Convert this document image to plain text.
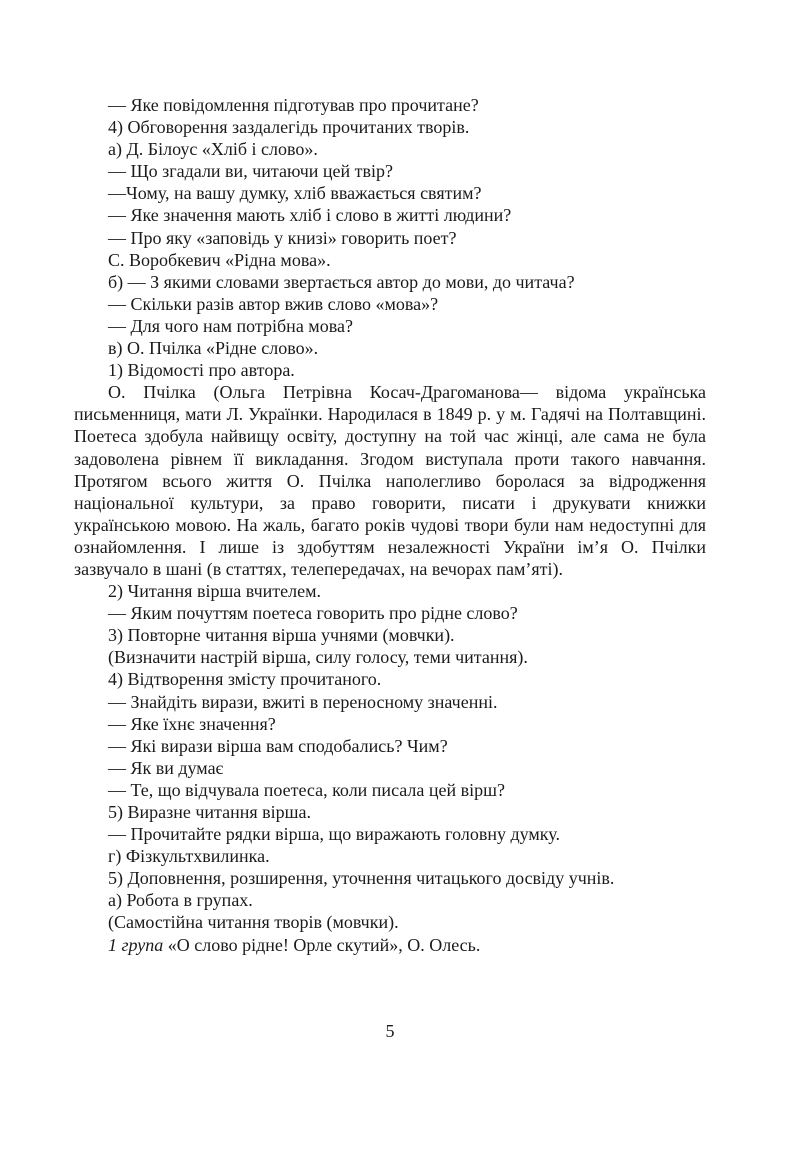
— Яке повідомлення підготував про прочитане?
4) Обговорення заздалегідь прочитаних творів.
а) Д. Білоус «Хліб і слово».
— Що згадали ви, читаючи цей твір?
—Чому, на вашу думку, хліб вважається святим?
— Яке значення мають хліб і слово в житті людини?
— Про яку «заповідь у книзі» говорить поет?
С. Воробкевич «Рідна мова».
б) — З якими словами звертається автор до мови, до читача?
— Скільки разів автор вжив слово «мова»?
— Для чого нам потрібна мова?
в) О. Пчілка «Рідне слово».
1) Відомості про автора.
О. Пчілка (Ольга Петрівна Косач-Драгоманова— відома українська письменниця, мати Л. Українки. Народилася в 1849 р. у м. Гадячі на Полтавщині. Поетеса здобула найвищу освіту, доступну на той час жінці, але сама не була задоволена рівнем її викладання. Згодом виступала проти такого навчання. Протягом всього життя О. Пчілка наполегливо боролася за відродження національної культури, за право говорити, писати і друкувати книжки українською мовою. На жаль, багато років чудові твори були нам недоступні для ознайомлення. І лише із здобуттям незалежності України ім’я О. Пчілки зазвучало в шані (в статтях, телепередачах, на вечорах пам’яті).
2) Читання вірша вчителем.
— Яким почуттям поетеса говорить про рідне слово?
3) Повторне читання вірша учнями (мовчки).
(Визначити настрій вірша, силу голосу, теми читання).
4) Відтворення змісту прочитаного.
— Знайдіть вирази, вжиті в переносному значенні.
— Яке їхнє значення?
— Які вирази вірша вам сподобались? Чим?
— Як ви думає
— Те, що відчувала поетеса, коли писала цей вірш?
5) Виразне читання вірша.
— Прочитайте рядки вірша, що виражають головну думку.
г) Фізкультхвилинка.
5) Доповнення, розширення, уточнення читацького досвіду учнів.
а) Робота в групах.
(Самостійна читання творів (мовчки).
1 група «О слово рідне! Орле скутий», О. Олесь.
5
